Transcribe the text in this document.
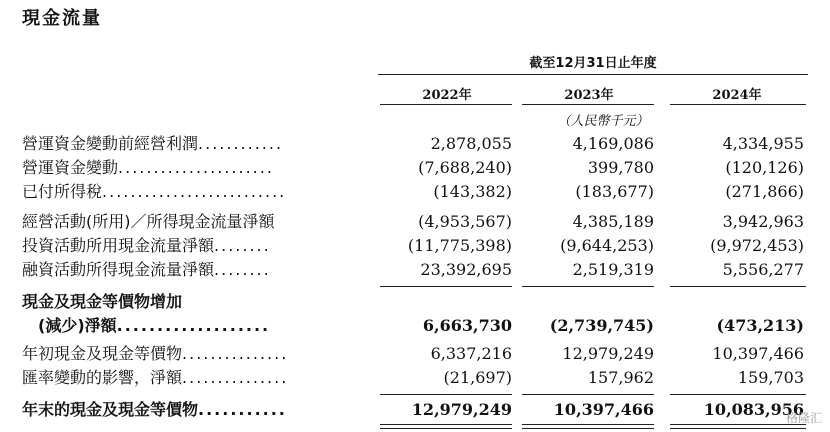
現金流量
截至12月31日止年度
2022年	2023年	2024年
（人民幣千元）
營運資金變動前經營利潤............	2,878,055	4,169,086	4,334,955
營運資金變動......................	(7,688,240)	399,780	(120,126)
已付所得稅..........................	(143,382)	(183,677)	(271,866)
經營活動(所用)／所得現金流量淨額	(4,953,567)	4,385,189	3,942,963
投資活動所用現金流量淨額........	(11,775,398)	(9,644,253)	(9,972,453)
融資活動所得現金流量淨額........	23,392,695	2,519,319	5,556,277
現金及現金等價物增加
(減少)淨額...................	6,663,730	(2,739,745)	(473,213)
年初現金及現金等價物...............	6,337,216	12,979,249	10,397,466
匯率變動的影響，淨額...............	(21,697)	157,962	159,703
年末的現金及現金等價物...........	12,979,249	10,397,466	10,083,956
格隆汇
